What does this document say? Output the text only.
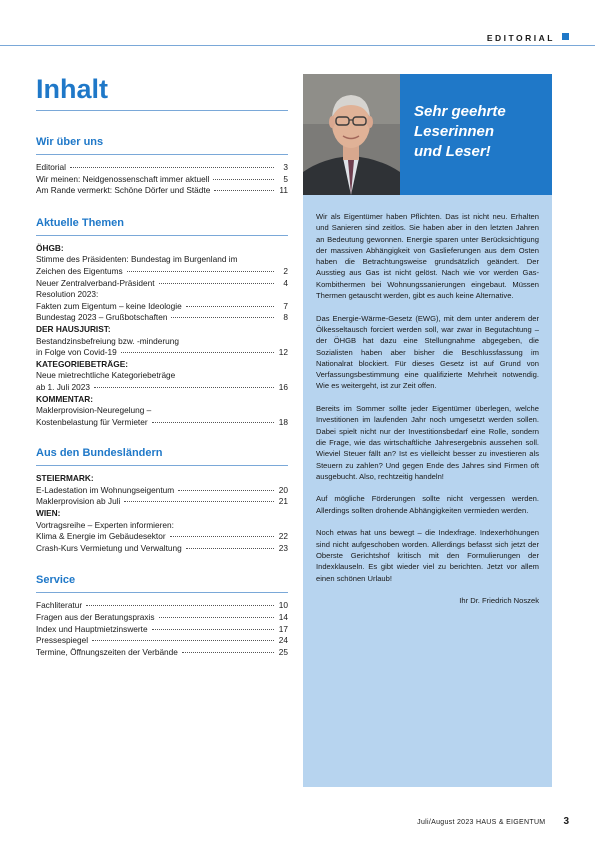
EDITORIAL
Inhalt
Wir über uns
Editorial	3
Wir meinen: Neidgenossenschaft immer aktuell	5
Am Rande vermerkt: Schöne Dörfer und Städte	11
Aktuelle Themen
ÖHGB:
Stimme des Präsidenten: Bundestag im Burgenland im
Zeichen des Eigentums	2
Neuer Zentralverband-Präsident	4
Resolution 2023:
Fakten zum Eigentum – keine Ideologie	7
Bundestag 2023 – Grußbotschaften	8
DER HAUSJURIST:
Bestandzinsbefreiung bzw. -minderung
in Folge von Covid-19	12
KATEGORIEBETRÄGE:
Neue mietrechtliche Kategoriebeträge
ab 1. Juli 2023	16
KOMMENTAR:
Maklerprovision-Neuregelung –
Kostenbelastung für Vermieter	18
Aus den Bundesländern
STEIERMARK:
E-Ladestation im Wohnungseigentum	20
Maklerprovision ab Juli	21
WIEN:
Vortragsreihe – Experten informieren:
Klima & Energie im Gebäudesektor	22
Crash-Kurs Vermietung und Verwaltung	23
Service
Fachliteratur	10
Fragen aus der Beratungspraxis	14
Index und Hauptmietzinswerte	17
Pressespiegel	24
Termine, Öffnungszeiten der Verbände	25

Sehr geehrte

Leserinnen

und Leser!

Wir als Eigentümer haben Pflichten. Das ist nicht neu. Erhalten und Sanieren sind zeitlos. Sie haben aber in den letzten Jahren an Bedeutung gewonnen. Energie sparen unter Berücksichtigung der massiven Abhängigkeit von Gaslieferungen aus dem Osten haben die Betrachtungsweise grundsätzlich geändert. Der Ausstieg aus Gas ist nicht gelöst. Nach wie vor werden Gas-Kombithermen bei Wohnungssanierungen eingebaut. Müssen Thermen getauscht werden, gibt es auch keine Alternative.

Das Energie-Wärme-Gesetz (EWG), mit dem unter anderem der Ölkesseltausch forciert werden soll, war zwar in Begutachtung – der ÖHGB hat dazu eine Stellungnahme abgegeben, die Sozialisten haben aber bisher die Beschlussfassung im Nationalrat blockiert. Für dieses Gesetz ist auf Grund von Verfassungsbestimmung eine qualifizierte Mehrheit notwendig. Wie es weitergeht, ist zur Zeit offen.

Bereits im Sommer sollte jeder Eigentümer überlegen, welche Investitionen im laufenden Jahr noch umgesetzt werden sollen. Dabei spielt nicht nur der Investitionsbedarf eine Rolle, sondern die Frage, wie das wirtschaftliche Jahresergebnis aussehen soll. Wieviel Steuer fällt an? Ist es vielleicht besser zu investieren als Steuern zu zahlen? Und gegen Ende des Jahres sind Firmen oft ausgebucht. Also, rechtzeitig handeln!

Auf mögliche Förderungen sollte nicht vergessen werden. Allerdings sollten drohende Abhängigkeiten vermieden werden.

Noch etwas hat uns bewegt – die Indexfrage. Indexerhöhungen sind nicht aufgeschoben worden. Allerdings befasst sich jetzt der Oberste Gerichtshof kritisch mit den Formulierungen der Indexklauseln. Es gibt wieder viel zu berichten. Jetzt vor allem einen schönen Urlaub!

Ihr Dr. Friedrich Noszek
Juli/August 2023 HAUS & EIGENTUM 3
